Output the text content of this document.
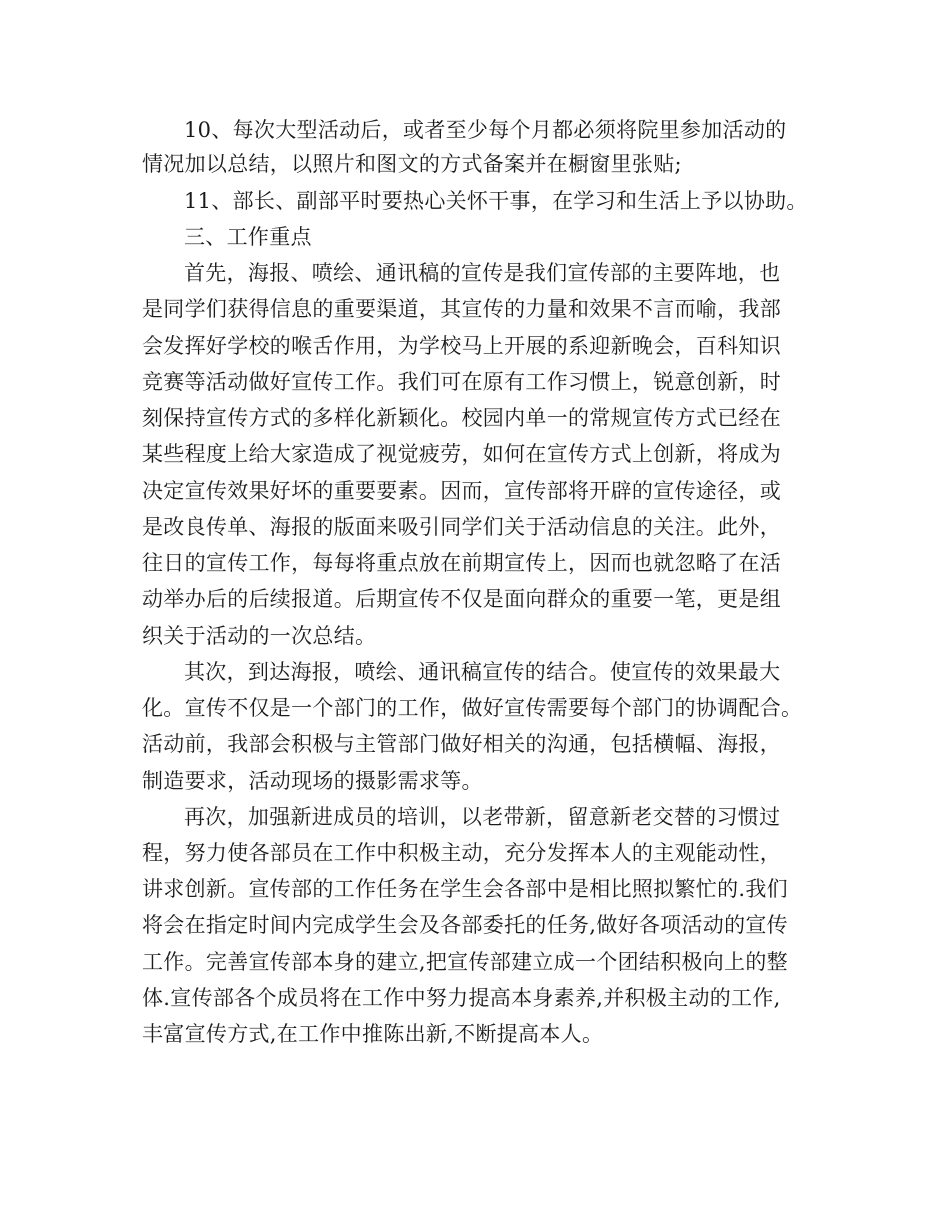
10、每次大型活动后，或者至少每个月都必须将院里参加活动的

情况加以总结，以照片和图文的方式备案并在橱窗里张贴;

11、部长、副部平时要热心关怀干事，在学习和生活上予以协助。

三、工作重点

首先，海报、喷绘、通讯稿的宣传是我们宣传部的主要阵地，也

是同学们获得信息的重要渠道，其宣传的力量和效果不言而喻，我部

会发挥好学校的喉舌作用，为学校马上开展的系迎新晚会，百科知识

竞赛等活动做好宣传工作。我们可在原有工作习惯上，锐意创新，时

刻保持宣传方式的多样化新颖化。校园内单一的常规宣传方式已经在

某些程度上给大家造成了视觉疲劳，如何在宣传方式上创新，将成为

决定宣传效果好坏的重要要素。因而，宣传部将开辟的宣传途径，或

是改良传单、海报的版面来吸引同学们关于活动信息的关注。此外，

往日的宣传工作，每每将重点放在前期宣传上，因而也就忽略了在活

动举办后的后续报道。后期宣传不仅是面向群众的重要一笔，更是组

织关于活动的一次总结。

其次，到达海报，喷绘、通讯稿宣传的结合。使宣传的效果最大

化。宣传不仅是一个部门的工作，做好宣传需要每个部门的协调配合。

活动前，我部会积极与主管部门做好相关的沟通，包括横幅、海报，

制造要求，活动现场的摄影需求等。

再次，加强新进成员的培训，以老带新，留意新老交替的习惯过

程，努力使各部员在工作中积极主动，充分发挥本人的主观能动性，

讲求创新。宣传部的工作任务在学生会各部中是相比照拟繁忙的.我们

将会在指定时间内完成学生会及各部委托的任务,做好各项活动的宣传

工作。完善宣传部本身的建立,把宣传部建立成一个团结积极向上的整

体.宣传部各个成员将在工作中努力提高本身素养,并积极主动的工作,

丰富宣传方式,在工作中推陈出新,不断提高本人。
